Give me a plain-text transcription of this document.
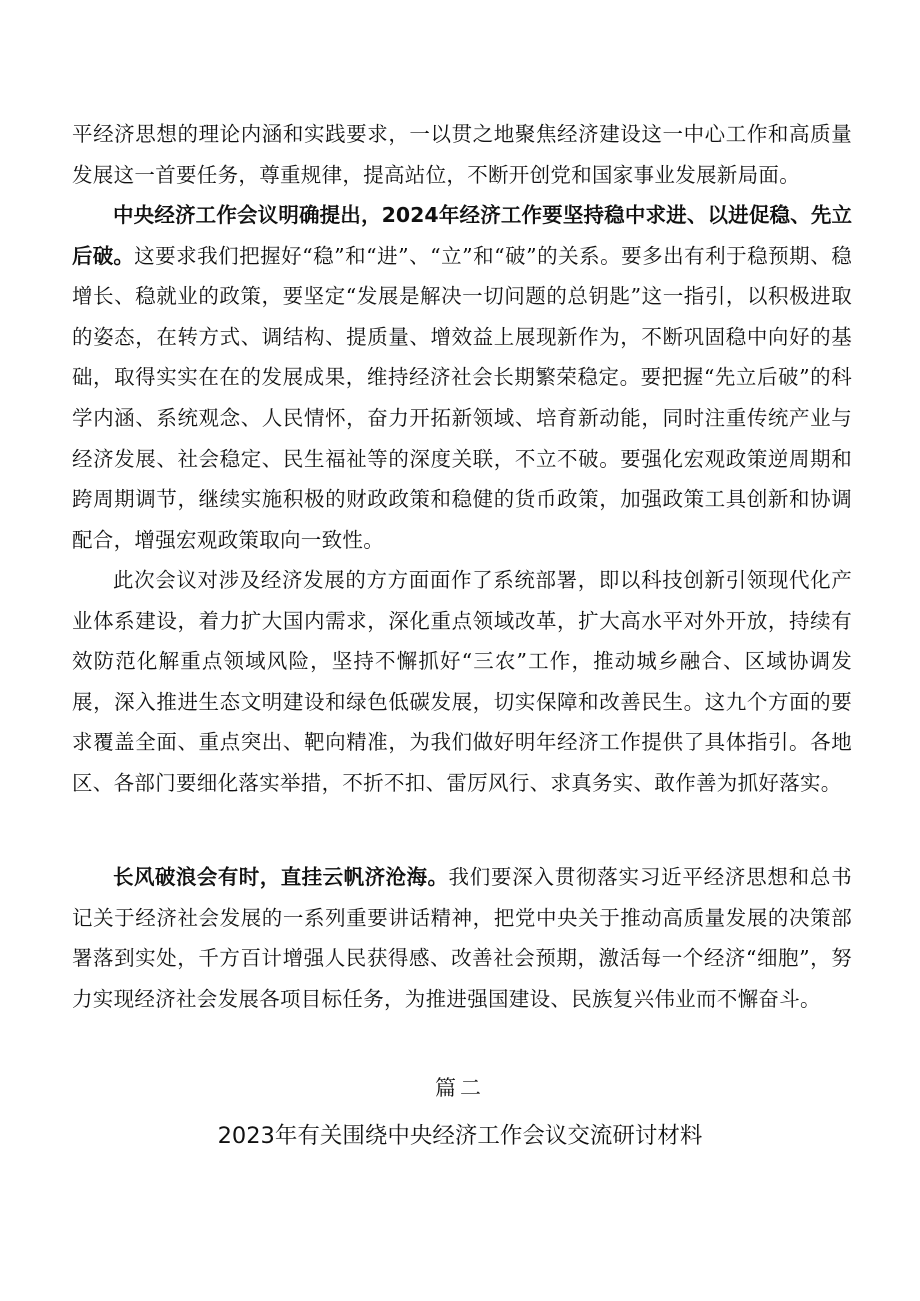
平经济思想的理论内涵和实践要求，一以贯之地聚焦经济建设这一中心工作和高质量发展这一首要任务，尊重规律，提高站位，不断开创党和国家事业发展新局面。

中央经济工作会议明确提出，2024年经济工作要坚持稳中求进、以进促稳、先立后破。这要求我们把握好“稳”和“进”、“立”和“破”的关系。要多出有利于稳预期、稳增长、稳就业的政策，要坚定“发展是解决一切问题的总钥匙”这一指引，以积极进取的姿态，在转方式、调结构、提质量、增效益上展现新作为，不断巩固稳中向好的基础，取得实实在在的发展成果，维持经济社会长期繁荣稳定。要把握“先立后破”的科学内涵、系统观念、人民情怀，奋力开拓新领域、培育新动能，同时注重传统产业与经济发展、社会稳定、民生福祉等的深度关联，不立不破。要强化宏观政策逆周期和跨周期调节，继续实施积极的财政政策和稳健的货币政策，加强政策工具创新和协调配合，增强宏观政策取向一致性。

此次会议对涉及经济发展的方方面面作了系统部署，即以科技创新引领现代化产业体系建设，着力扩大国内需求，深化重点领域改革，扩大高水平对外开放，持续有效防范化解重点领域风险，坚持不懈抓好“三农”工作，推动城乡融合、区域协调发展，深入推进生态文明建设和绿色低碳发展，切实保障和改善民生。这九个方面的要求覆盖全面、重点突出、靶向精准，为我们做好明年经济工作提供了具体指引。各地区、各部门要细化落实举措，不折不扣、雷厉风行、求真务实、敢作善为抓好落实。

长风破浪会有时，直挂云帆济沧海。我们要深入贯彻落实习近平经济思想和总书记关于经济社会发展的一系列重要讲话精神，把党中央关于推动高质量发展的决策部署落到实处，千方百计增强人民获得感、改善社会预期，激活每一个经济“细胞”，努力实现经济社会发展各项目标任务，为推进强国建设、民族复兴伟业而不懈奋斗。

篇二
2023年有关围绕中央经济工作会议交流研讨材料
